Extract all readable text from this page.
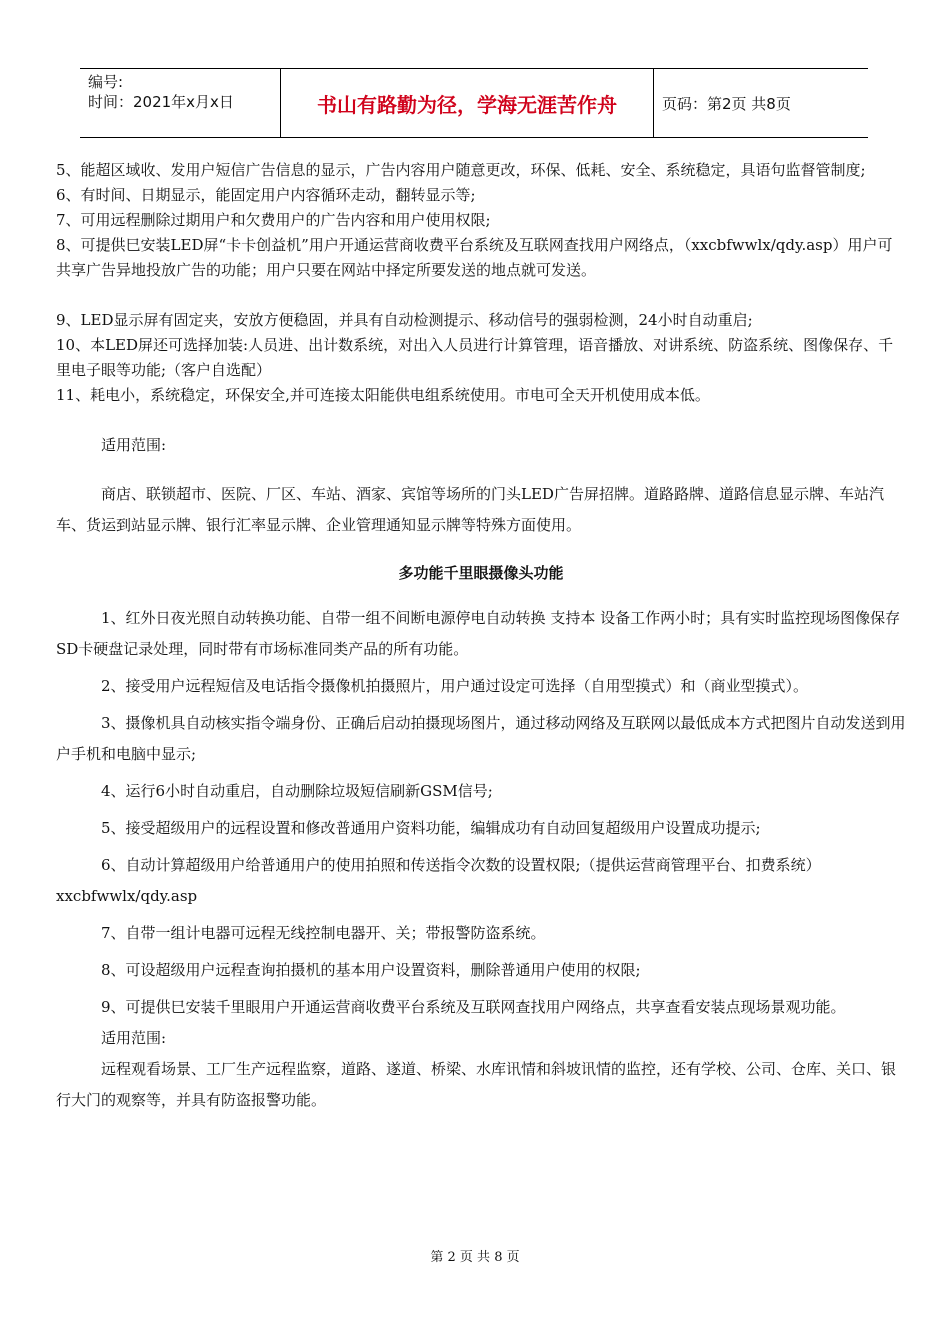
编号:
时间：2021年x月x日	书山有路勤为径，学海无涯苦作舟	页码：第2页 共8页

5、能超区域收、发用户短信广告信息的显示，广告内容用户随意更改，环保、低耗、安全、系统稳定，具语句监督管制度;

6、有时间、日期显示，能固定用户内容循环走动，翻转显示等;

7、可用远程删除过期用户和欠费用户的广告内容和用户使用权限;

8、可提供巳安装LED屏“卡卡创益机”用户开通运营商收费平台系统及互联网查找用户网络点，（xxcbfwwlx/qdy.asp）用户可共享广告异地投放广告的功能；用户只要在网站中择定所要发送的地点就可发送。

9、LED显示屏有固定夹，安放方便稳固，并具有自动检测提示、移动信号的强弱检测，24小时自动重启;

10、本LED屏还可选择加装:人员进、出计数系统，对出入人员进行计算管理，语音播放、对讲系统、防盗系统、图像保存、千里电子眼等功能;（客户自选配）

11、耗电小，系统稳定，环保安全,并可连接太阳能供电组系统使用。市电可全天开机使用成本低。

适用范围:

商店、联锁超市、医院、厂区、车站、酒家、宾馆等场所的门头LED广告屏招牌。道路路牌、道路信息显示牌、车站汽车、货运到站显示牌、银行汇率显示牌、企业管理通知显示牌等特殊方面使用。

多功能千里眼摄像头功能

1、红外日夜光照自动转换功能、自带一组不间断电源停电自动转换 支持本 设备工作两小时；具有实时监控现场图像保存SD卡硬盘记录处理，同时带有市场标准同类产品的所有功能。

2、接受用户远程短信及电话指令摄像机拍摄照片，用户通过设定可选择（自用型摸式）和（商业型摸式）。

3、摄像机具自动核实指令端身份、正确后启动拍摄现场图片，通过移动网络及互联网以最低成本方式把图片自动发送到用户手机和电脑中显示;

4、运行6小时自动重启，自动删除垃圾短信刷新GSM信号;

5、接受超级用户的远程设置和修改普通用户资料功能，编辑成功有自动回复超级用户设置成功提示;

6、自动计算超级用户给普通用户的使用拍照和传送指令次数的设置权限;（提供运营商管理平台、扣费系统）xxcbfwwlx/qdy.asp

7、自带一组计电器可远程无线控制电器开、关；带报警防盗系统。

8、可设超级用户远程查询拍摄机的基本用户设置资料，删除普通用户使用的权限;

9、可提供巳安装千里眼用户开通运营商收费平台系统及互联网查找用户网络点，共享查看安装点现场景观功能。

适用范围:

远程观看场景、工厂生产远程监察，道路、遂道、桥梁、水库讯情和斜坡讯情的监控，还有学校、公司、仓库、关口、银行大门的观察等，并具有防盗报警功能。

第 2 页 共 8 页
